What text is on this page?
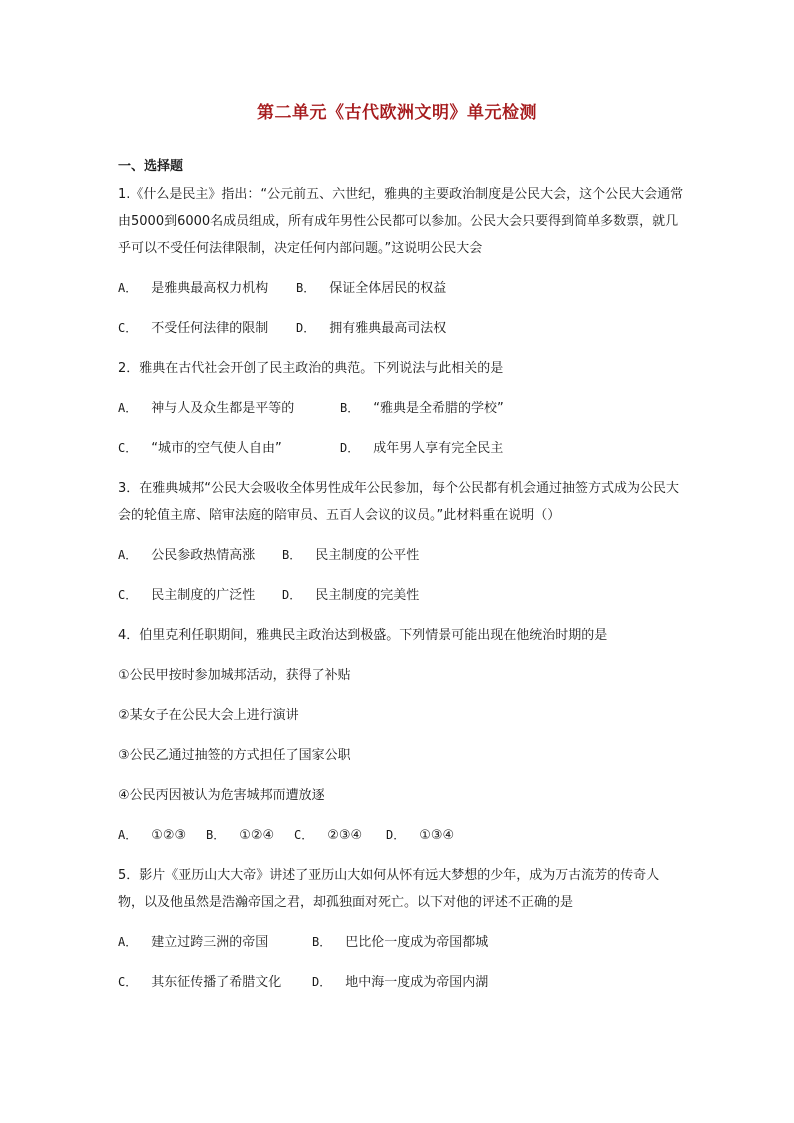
第二单元《古代欧洲文明》单元检测
一、选择题

1.《什么是民主》指出：“公元前五、六世纪，雅典的主要政治制度是公民大会，这个公民大会通常由5000到6000名成员组成，所有成年男性公民都可以参加。公民大会只要得到简单多数票，就几乎可以不受任何法律限制，决定任何内部问题。”这说明公民大会

A． 是雅典最高权力机构 B． 保证全体居民的权益
C． 不受任何法律的限制 D． 拥有雅典最高司法权

2．雅典在古代社会开创了民主政治的典范。下列说法与此相关的是

A． 神与人及众生都是平等的	B． “雅典是全希腊的学校”
C． “城市的空气使人自由”	D． 成年男人享有完全民主

3．在雅典城邦“公民大会吸收全体男性成年公民参加，每个公民都有机会通过抽签方式成为公民大会的轮值主席、陪审法庭的陪审员、五百人会议的议员。”此材料重在说明（）

A． 公民参政热情高涨 B． 民主制度的公平性
C． 民主制度的广泛性 D． 民主制度的完美性

4．伯里克利任职期间，雅典民主政治达到极盛。下列情景可能出现在他统治时期的是

①公民甲按时参加城邦活动，获得了补贴

②某女子在公民大会上进行演讲

③公民乙通过抽签的方式担任了国家公职

④公民丙因被认为危害城邦而遭放逐

A． ①②③ B． ①②④ C． ②③④ D． ①③④

5．影片《亚历山大大帝》讲述了亚历山大如何从怀有远大梦想的少年，成为万古流芳的传奇人物，以及他虽然是浩瀚帝国之君，却孤独面对死亡。以下对他的评述不正确的是

A． 建立过跨三洲的帝国	B． 巴比伦一度成为帝国都城
C． 其东征传播了希腊文化	D． 地中海一度成为帝国内湖
